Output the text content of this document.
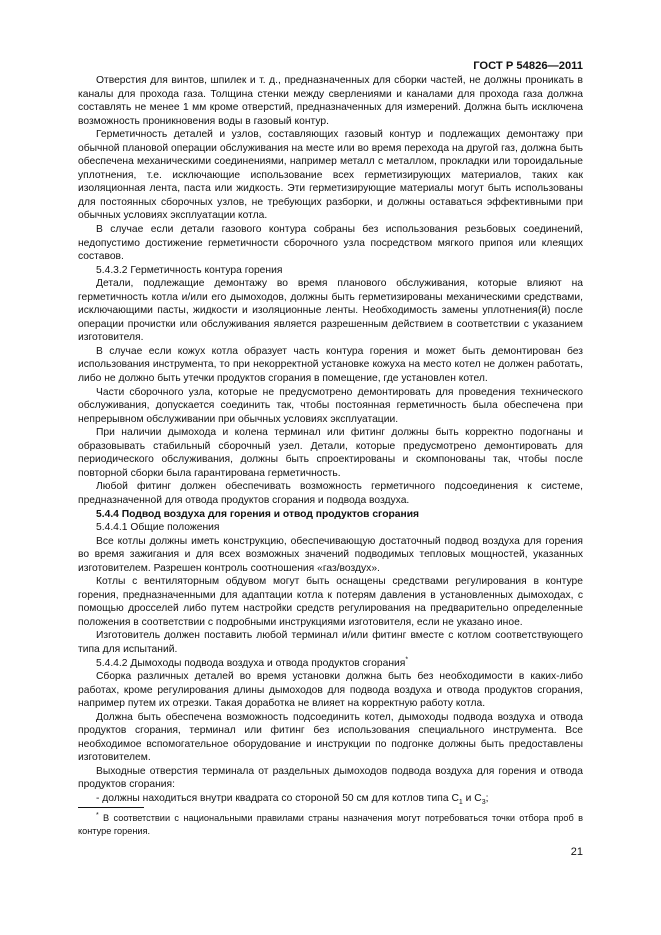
ГОСТ Р 54826—2011

Отверстия для винтов, шпилек и т. д., предназначенных для сборки частей, не должны проникать в каналы для прохода газа. Толщина стенки между сверлениями и каналами для прохода газа должна составлять не менее 1 мм кроме отверстий, предназначенных для измерений. Должна быть исключена возможность проникновения воды в газовый контур.

Герметичность деталей и узлов, составляющих газовый контур и подлежащих демонтажу при обычной плановой операции обслуживания на месте или во время перехода на другой газ, должна быть обеспечена механическими соединениями, например металл с металлом, прокладки или тороидальные уплотнения, т.е. исключающие использование всех герметизирующих материалов, таких как изоляционная лента, паста или жидкость. Эти герметизирующие материалы могут быть использованы для постоянных сборочных узлов, не требующих разборки, и должны оставаться эффективными при обычных условиях эксплуатации котла.

В случае если детали газового контура собраны без использования резьбовых соединений, недопустимо достижение герметичности сборочного узла посредством мягкого припоя или клеящих составов.

5.4.3.2 Герметичность контура горения

Детали, подлежащие демонтажу во время планового обслуживания, которые влияют на герметичность котла и/или его дымоходов, должны быть герметизированы механическими средствами, исключающими пасты, жидкости и изоляционные ленты. Необходимость замены уплотнения(й) после операции прочистки или обслуживания является разрешенным действием в соответствии с указанием изготовителя.

В случае если кожух котла образует часть контура горения и может быть демонтирован без использования инструмента, то при некорректной установке кожуха на место котел не должен работать, либо не должно быть утечки продуктов сгорания в помещение, где установлен котел.

Части сборочного узла, которые не предусмотрено демонтировать для проведения технического обслуживания, допускается соединить так, чтобы постоянная герметичность была обеспечена при непрерывном обслуживании при обычных условиях эксплуатации.

При наличии дымохода и колена терминал или фитинг должны быть корректно подогнаны и образовывать стабильный сборочный узел. Детали, которые предусмотрено демонтировать для периодического обслуживания, должны быть спроектированы и скомпонованы так, чтобы после повторной сборки была гарантирована герметичность.

Любой фитинг должен обеспечивать возможность герметичного подсоединения к системе, предназначенной для отвода продуктов сгорания и подвода воздуха.

5.4.4 Подвод воздуха для горения и отвод продуктов сгорания

5.4.4.1 Общие положения

Все котлы должны иметь конструкцию, обеспечивающую достаточный подвод воздуха для горения во время зажигания и для всех возможных значений подводимых тепловых мощностей, указанных изготовителем. Разрешен контроль соотношения «газ/воздух».

Котлы с вентиляторным обдувом могут быть оснащены средствами регулирования в контуре горения, предназначенными для адаптации котла к потерям давления в установленных дымоходах, с помощью дросселей либо путем настройки средств регулирования на предварительно определенные положения в соответствии с подробными инструкциями изготовителя, если не указано иное.

Изготовитель должен поставить любой терминал и/или фитинг вместе с котлом соответствующего типа для испытаний.

5.4.4.2 Дымоходы подвода воздуха и отвода продуктов сгорания*

Сборка различных деталей во время установки должна быть без необходимости в каких-либо работах, кроме регулирования длины дымоходов для подвода воздуха и отвода продуктов сгорания, например путем их отрезки. Такая доработка не влияет на корректную работу котла.

Должна быть обеспечена возможность подсоединить котел, дымоходы подвода воздуха и отвода продуктов сгорания, терминал или фитинг без использования специального инструмента. Все необходимое вспомогательное оборудование и инструкции по подгонке должны быть предоставлены изготовителем.

Выходные отверстия терминала от раздельных дымоходов подвода воздуха для горения и отвода продуктов сгорания:

- должны находиться внутри квадрата со стороной 50 см для котлов типа $С_1$ и $С_3$;

* В соответствии с национальными правилами страны назначения могут потребоваться точки отбора проб в контуре горения.
21
